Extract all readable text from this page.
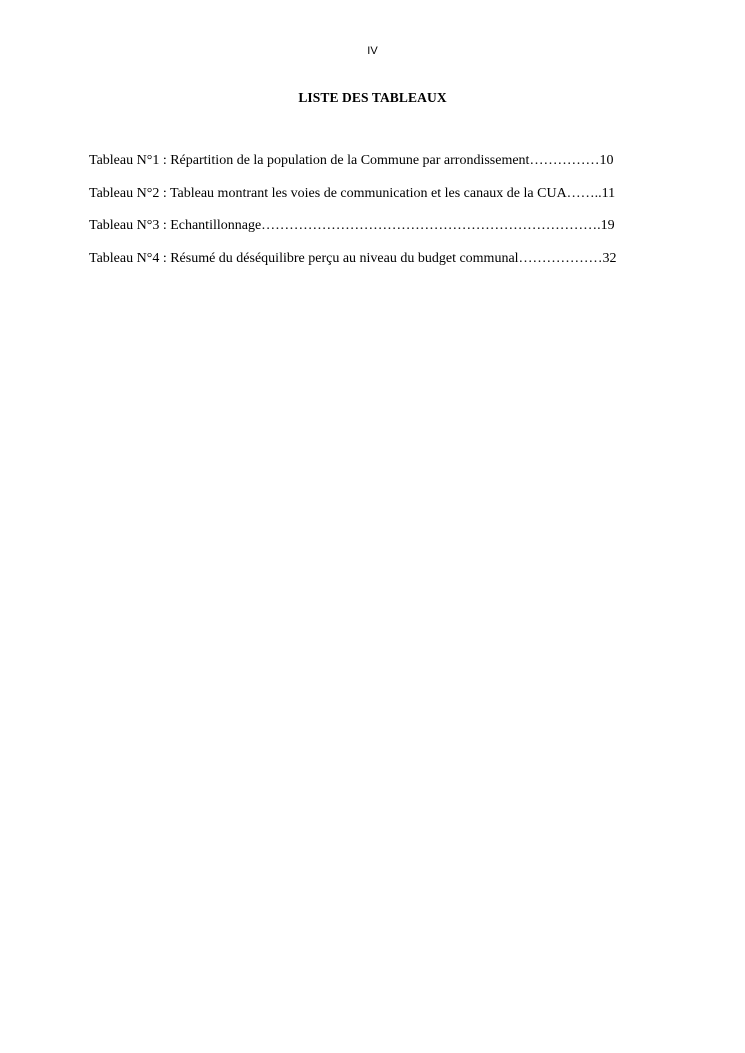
IV
LISTE DES TABLEAUX
Tableau N°1 : Répartition de la population de la Commune par arrondissement……………10
Tableau N°2 : Tableau montrant les voies de communication et les canaux de la CUA……..11
Tableau N°3 : Echantillonnage……………………………………………………………….19
Tableau N°4 : Résumé du déséquilibre perçu au niveau du budget communal………………32
